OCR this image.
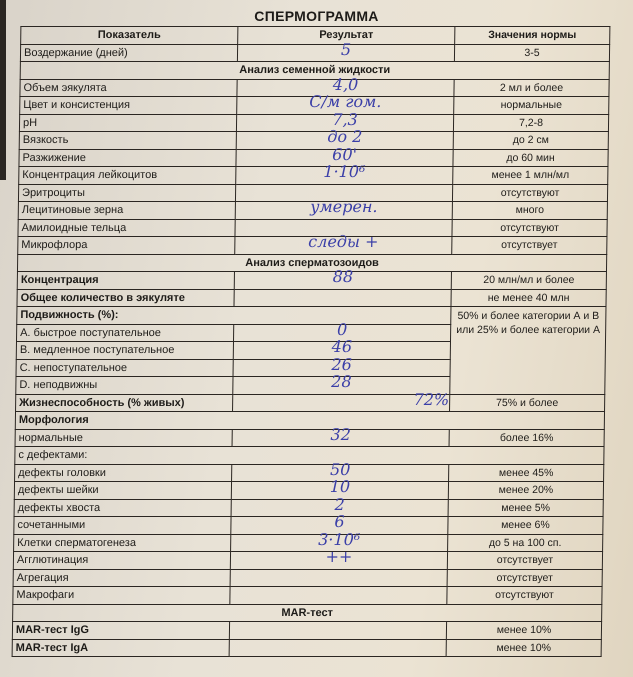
СПЕРМОГРАММА
Показатель	Результат	Значения нормы
Воздержание (дней)	5	3-5
Анализ семенной жидкости		
Объем эякулята	4,0	2 мл и более
Цвет и консистенция	С/м гом.	нормальные
pH	7,3	7,2-8
Вязкость	до 2	до 2 см
Разжижение	60'	до 60 мин
Концентрация лейкоцитов	1·10⁶	менее 1 млн/мл
Эритроциты		отсутствуют
Лецитиновые зерна	умерен.	много
Амилоидные тельца		отсутствуют
Микрофлора	следы +	отсутствует
Анализ сперматозоидов		
Концентрация	88	20 млн/мл и более
Общее количество в эякуляте		не менее 40 млн
Подвижность (%):		50% и более категории А и В или 25% и более категории А
А. быстрое поступательное	0	

В. медленное поступательное	46	

С. непоступательное	26	

D. неподвижны	28	

Жизнеспособность (% живых)	72%	75% и более
Морфология		
нормальные	32	более 16%
с дефектами:		
дефекты головки	50	менее 45%
дефекты шейки	10	менее 20%
дефекты хвоста	2	менее 5%
сочетанными	6	менее 6%
Клетки сперматогенеза	3·10⁶	до 5 на 100 сп.
Агглютинация	++	отсутствует
Агрегация		отсутствует
Макрофаги		отсутствуют
MAR-тест		
MAR-тест IgG		менее 10%
MAR-тест IgA		менее 10%
